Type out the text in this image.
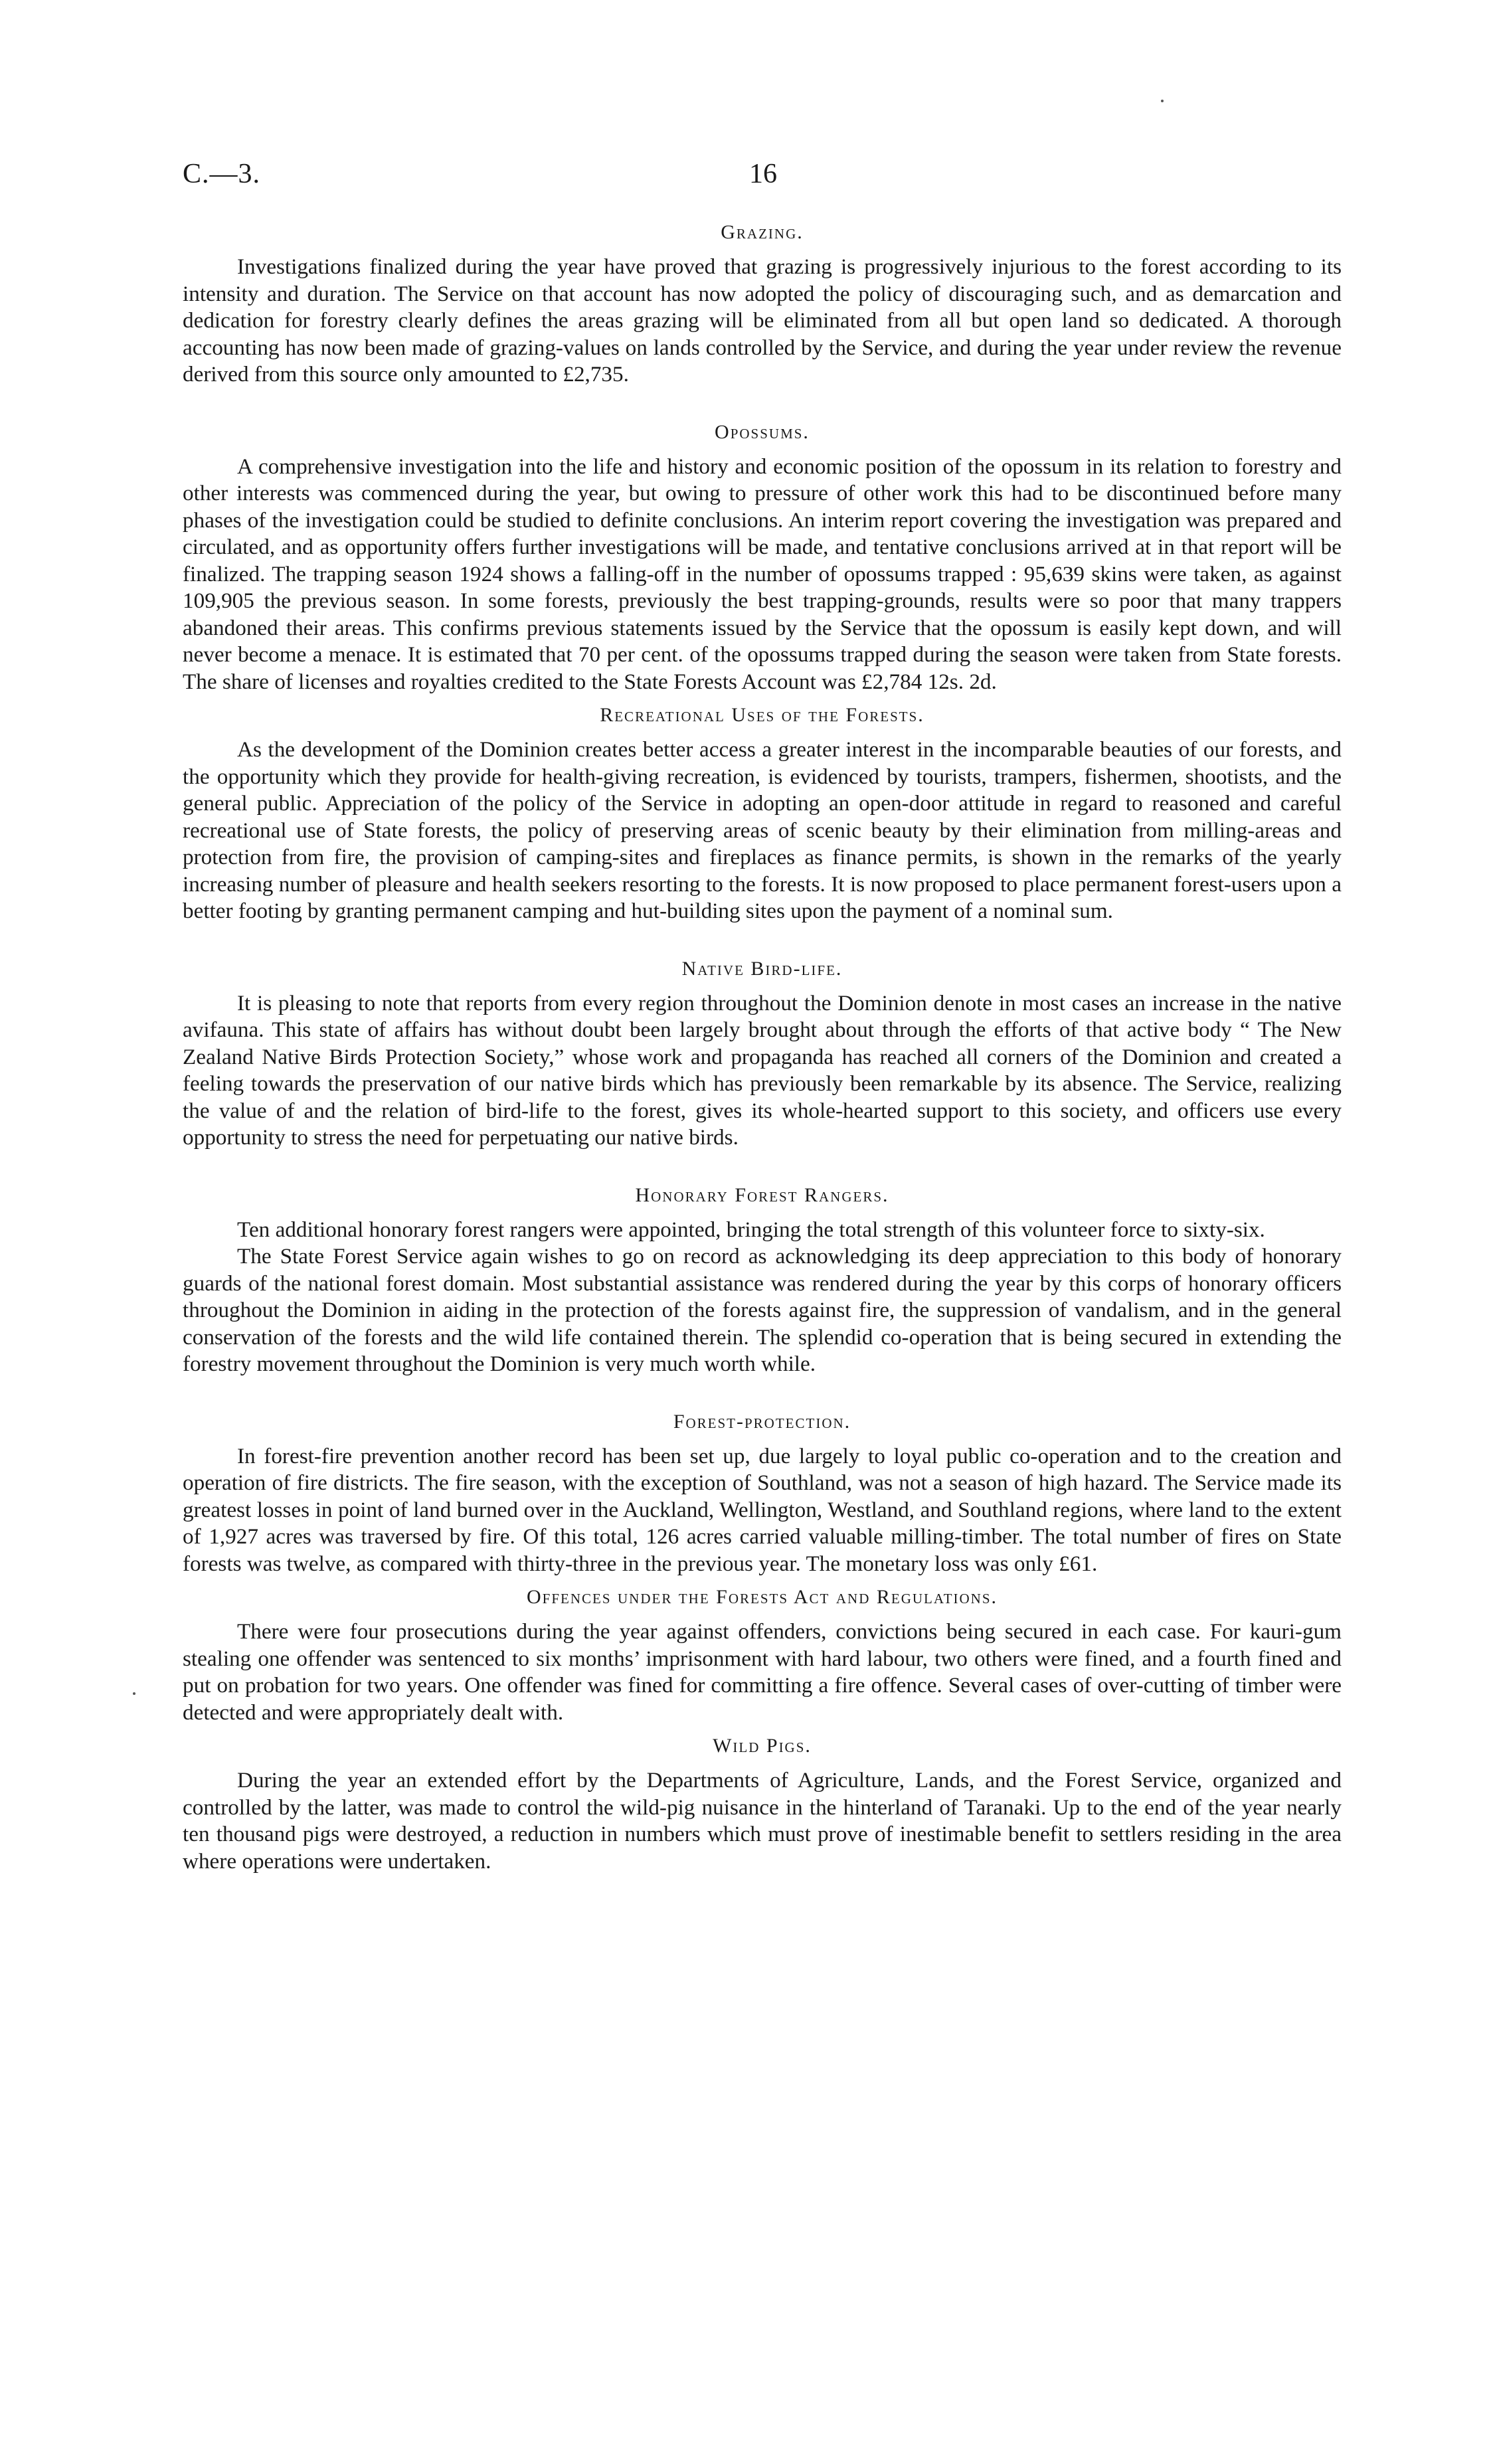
C.—3.	16
Grazing.

Investigations finalized during the year have proved that grazing is progressively injurious to the forest according to its intensity and duration. The Service on that account has now adopted the policy of discouraging such, and as demarcation and dedication for forestry clearly defines the areas grazing will be eliminated from all but open land so dedicated. A thorough accounting has now been made of grazing-values on lands controlled by the Service, and during the year under review the revenue derived from this source only amounted to £2,735.

Opossums.

A comprehensive investigation into the life and history and economic position of the opossum in its relation to forestry and other interests was commenced during the year, but owing to pressure of other work this had to be discontinued before many phases of the investigation could be studied to definite conclusions. An interim report covering the investigation was prepared and circulated, and as opportunity offers further investigations will be made, and tentative conclusions arrived at in that report will be finalized. The trapping season 1924 shows a falling-off in the number of opossums trapped : 95,639 skins were taken, as against 109,905 the previous season. In some forests, previously the best trapping-grounds, results were so poor that many trappers abandoned their areas. This confirms previous statements issued by the Service that the opossum is easily kept down, and will never become a menace. It is estimated that 70 per cent. of the opossums trapped during the season were taken from State forests. The share of licenses and royalties credited to the State Forests Account was £2,784 12s. 2d.

Recreational Uses of the Forests.

As the development of the Dominion creates better access a greater interest in the incomparable beauties of our forests, and the opportunity which they provide for health-giving recreation, is evidenced by tourists, trampers, fishermen, shootists, and the general public. Appreciation of the policy of the Service in adopting an open-door attitude in regard to reasoned and careful recreational use of State forests, the policy of preserving areas of scenic beauty by their elimination from milling-areas and protection from fire, the provision of camping-sites and fireplaces as finance permits, is shown in the remarks of the yearly increasing number of pleasure and health seekers resorting to the forests. It is now proposed to place permanent forest-users upon a better footing by granting permanent camping and hut-building sites upon the payment of a nominal sum.

Native Bird-life.

It is pleasing to note that reports from every region throughout the Dominion denote in most cases an increase in the native avifauna. This state of affairs has without doubt been largely brought about through the efforts of that active body “ The New Zealand Native Birds Protection Society,” whose work and propaganda has reached all corners of the Dominion and created a feeling towards the preservation of our native birds which has previously been remarkable by its absence. The Service, realizing the value of and the relation of bird-life to the forest, gives its whole-hearted support to this society, and officers use every opportunity to stress the need for perpetuating our native birds.

Honorary Forest Rangers.

Ten additional honorary forest rangers were appointed, bringing the total strength of this volunteer force to sixty-six.

The State Forest Service again wishes to go on record as acknowledging its deep appreciation to this body of honorary guards of the national forest domain. Most substantial assistance was rendered during the year by this corps of honorary officers throughout the Dominion in aiding in the protection of the forests against fire, the suppression of vandalism, and in the general conservation of the forests and the wild life contained therein. The splendid co-operation that is being secured in extending the forestry movement throughout the Dominion is very much worth while.

Forest-protection.

In forest-fire prevention another record has been set up, due largely to loyal public co-operation and to the creation and operation of fire districts. The fire season, with the exception of Southland, was not a season of high hazard. The Service made its greatest losses in point of land burned over in the Auckland, Wellington, Westland, and Southland regions, where land to the extent of 1,927 acres was traversed by fire. Of this total, 126 acres carried valuable milling-timber. The total number of fires on State forests was twelve, as compared with thirty-three in the previous year. The monetary loss was only £61.

Offences under the Forests Act and Regulations.

There were four prosecutions during the year against offenders, convictions being secured in each case. For kauri-gum stealing one offender was sentenced to six months’ imprisonment with hard labour, two others were fined, and a fourth fined and put on probation for two years. One offender was fined for committing a fire offence. Several cases of over-cutting of timber were detected and were appropriately dealt with.

Wild Pigs.

During the year an extended effort by the Departments of Agriculture, Lands, and the Forest Service, organized and controlled by the latter, was made to control the wild-pig nuisance in the hinterland of Taranaki. Up to the end of the year nearly ten thousand pigs were destroyed, a reduction in numbers which must prove of inestimable benefit to settlers residing in the area where operations were undertaken.
